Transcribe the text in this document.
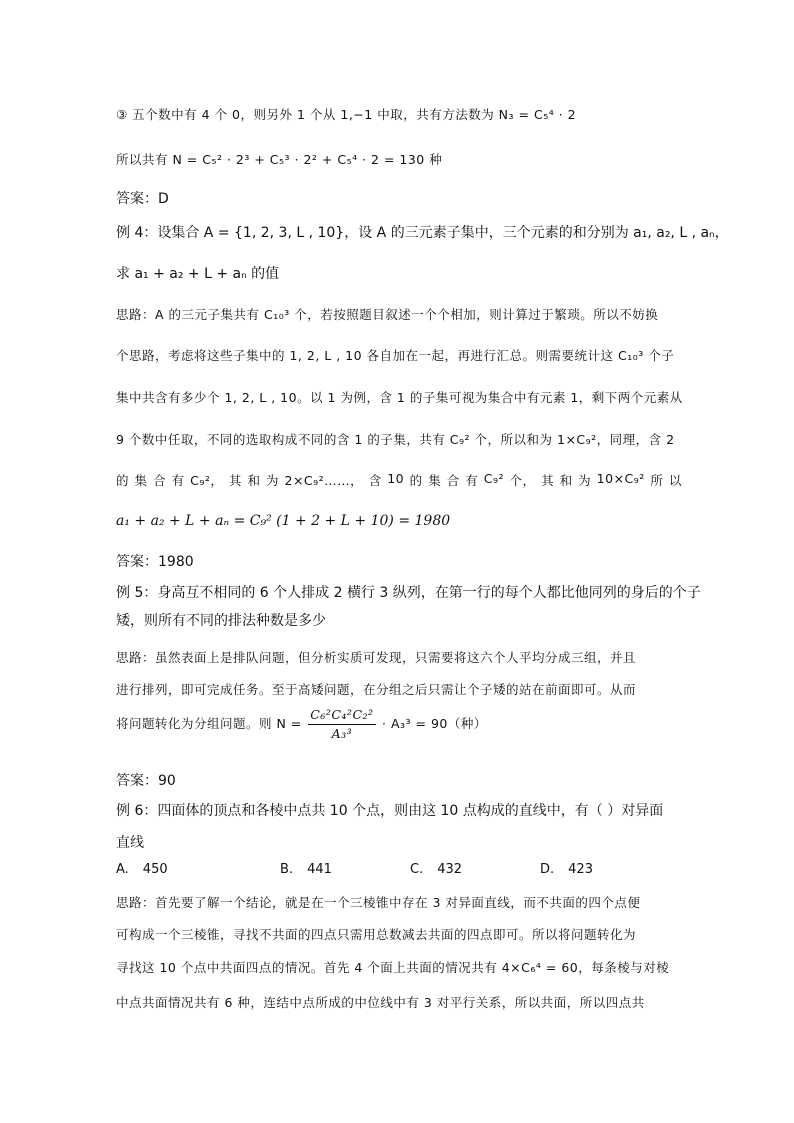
③ 五个数中有 4 个 0，则另外 1 个从 1,−1 中取，共有方法数为 N₃ = C₅⁴ · 2
所以共有 N = C₅² · 2³ + C₅³ · 2² + C₅⁴ · 2 = 130 种
答案：D
例 4：设集合 A = {1, 2, 3, L , 10}，设 A 的三元素子集中，三个元素的和分别为 a₁, a₂, L , aₙ，
求 a₁ + a₂ + L + aₙ 的值
思路：A 的三元子集共有 C₁₀³ 个，若按照题目叙述一个个相加，则计算过于繁琐。所以不妨换
个思路，考虑将这些子集中的 1, 2, L , 10 各自加在一起，再进行汇总。则需要统计这 C₁₀³ 个子
集中共含有多少个 1, 2, L , 10。以 1 为例，含 1 的子集可视为集合中有元素 1，剩下两个元素从
9 个数中任取，不同的选取构成不同的含 1 的子集，共有 C₉² 个，所以和为 1×C₉²，同理，含 2
的 集 合 有 C₉²， 其 和 为 2×C₉²……， 含 10 的 集 合 有 C₉² 个， 其 和 为 10×C₉² 所 以
a₁ + a₂ + L + aₙ = C₉² (1 + 2 + L + 10) = 1980
答案：1980
例 5：身高互不相同的 6 个人排成 2 横行 3 纵列，在第一行的每个人都比他同列的身后的个子
矮，则所有不同的排法种数是多少
思路：虽然表面上是排队问题，但分析实质可发现，只需要将这六个人平均分成三组，并且
进行排列，即可完成任务。至于高矮问题，在分组之后只需让个子矮的站在前面即可。从而
将问题转化为分组问题。则 $N = \frac{\text{C₆²C₄²C₂²}}{\text{A₃³}} \cdot A_3^3 = 90$（种）
答案：90
例 6：四面体的顶点和各棱中点共 10 个点，则由这 10 点构成的直线中，有（ ）对异面
直线
A. 450	B. 441	C. 432	D. 423
思路：首先要了解一个结论，就是在一个三棱锥中存在 3 对异面直线，而不共面的四个点便
可构成一个三棱锥，寻找不共面的四点只需用总数减去共面的四点即可。所以将问题转化为
寻找这 10 个点中共面四点的情况。首先 4 个面上共面的情况共有 4×C₆⁴ = 60，每条棱与对棱
中点共面情况共有 6 种，连结中点所成的中位线中有 3 对平行关系，所以共面，所以四点共
